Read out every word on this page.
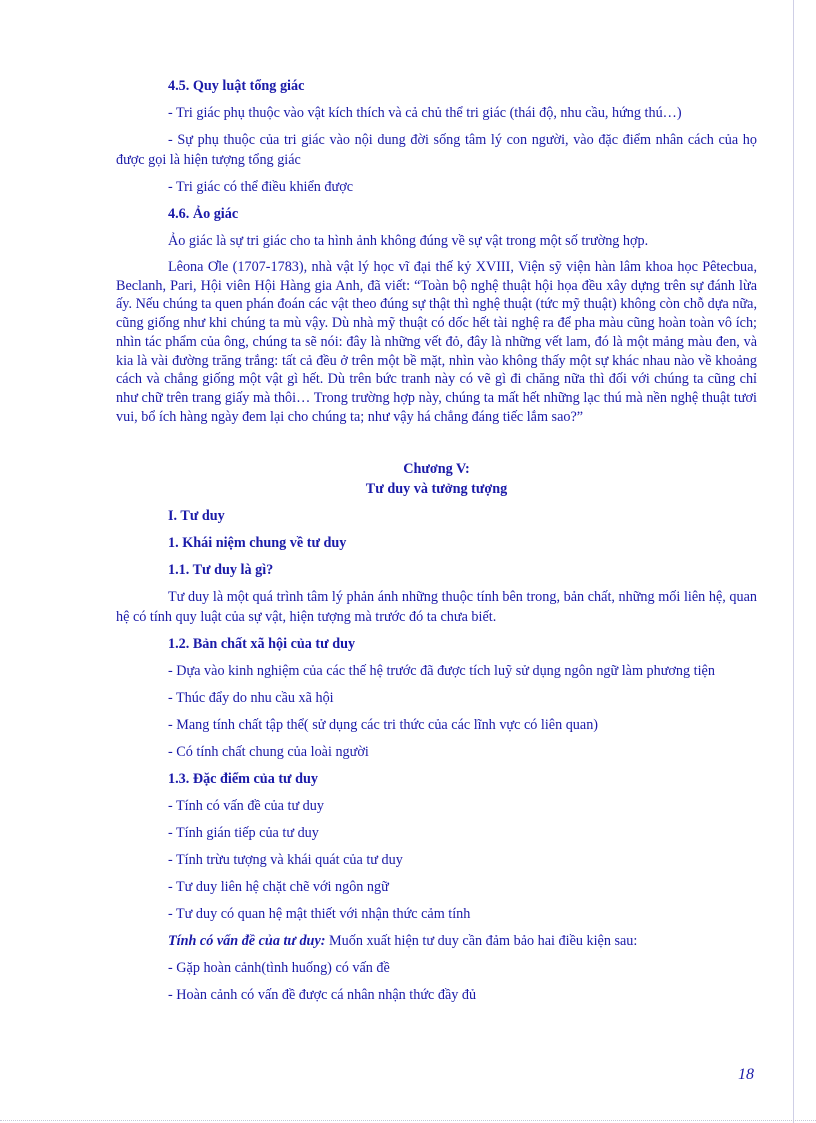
4.5. Quy luật tổng giác

- Tri giác phụ thuộc vào vật kích thích và cả chủ thể tri giác (thái độ, nhu cầu, hứng thú…)

- Sự phụ thuộc của tri giác vào nội dung đời sống tâm lý con người, vào đặc điểm nhân cách của họ được gọi là hiện tượng tổng giác

- Tri giác có thể điều khiển được

4.6. Ảo giác

Ảo giác là sự tri giác cho ta hình ảnh không đúng về sự vật trong một số trường hợp.

Lêona Ơle (1707-1783), nhà vật lý học vĩ đại thế kỷ XVIII, Viện sỹ viện hàn lâm khoa học Pêtecbua, Beclanh, Pari, Hội viên Hội Hàng gia Anh, đã viết: “Toàn bộ nghệ thuật hội họa đều xây dựng trên sự đánh lừa ấy. Nếu chúng ta quen phán đoán các vật theo đúng sự thật thì nghệ thuật (tức mỹ thuật) không còn chỗ dựa nữa, cũng giống như khi chúng ta mù vậy. Dù nhà mỹ thuật có dốc hết tài nghệ ra để pha màu cũng hoàn toàn vô ích; nhìn tác phẩm của ông, chúng ta sẽ nói: đây là những vết đỏ, đây là những vết lam, đó là một mảng màu đen, và kia là vài đường trăng trắng: tất cả đều ở trên một bề mặt, nhìn vào không thấy một sự khác nhau nào về khoảng cách và chẳng giống một vật gì hết. Dù trên bức tranh này có vẽ gì đi chăng nữa thì đối với chúng ta cũng chỉ như chữ trên trang giấy mà thôi… Trong trường hợp này, chúng ta mất hết những lạc thú mà nền nghệ thuật tươi vui, bổ ích hàng ngày đem lại cho chúng ta; như vậy há chẳng đáng tiếc lắm sao?”

Chương V:

Tư duy và tưởng tượng

I. Tư duy

1. Khái niệm chung về tư duy

1.1. Tư duy là gì?

Tư duy là một quá trình tâm lý phản ánh những thuộc tính bên trong, bản chất, những mối liên hệ, quan hệ có tính quy luật của sự vật, hiện tượng mà trước đó ta chưa biết.

1.2. Bản chất xã hội của tư duy

- Dựa vào kinh nghiệm của các thế hệ trước đã được tích luỹ sử dụng ngôn ngữ làm phương tiện

- Thúc đẩy do nhu cầu xã hội

- Mang tính chất tập thể( sử dụng các tri thức của các lĩnh vực có liên quan)

- Có tính chất chung của loài người

1.3. Đặc điểm của tư duy

- Tính có vấn đề của tư duy

- Tính gián tiếp của tư duy

- Tính trừu tượng và khái quát của tư duy

- Tư duy liên hệ chặt chẽ với ngôn ngữ

- Tư duy có quan hệ mật thiết với nhận thức cảm tính

Tính có vấn đề của tư duy: Muốn xuất hiện tư duy cần đảm bảo hai điều kiện sau:

- Gặp hoàn cảnh(tình huống) có vấn đề

- Hoàn cảnh có vấn đề được cá nhân nhận thức đầy đủ

18
